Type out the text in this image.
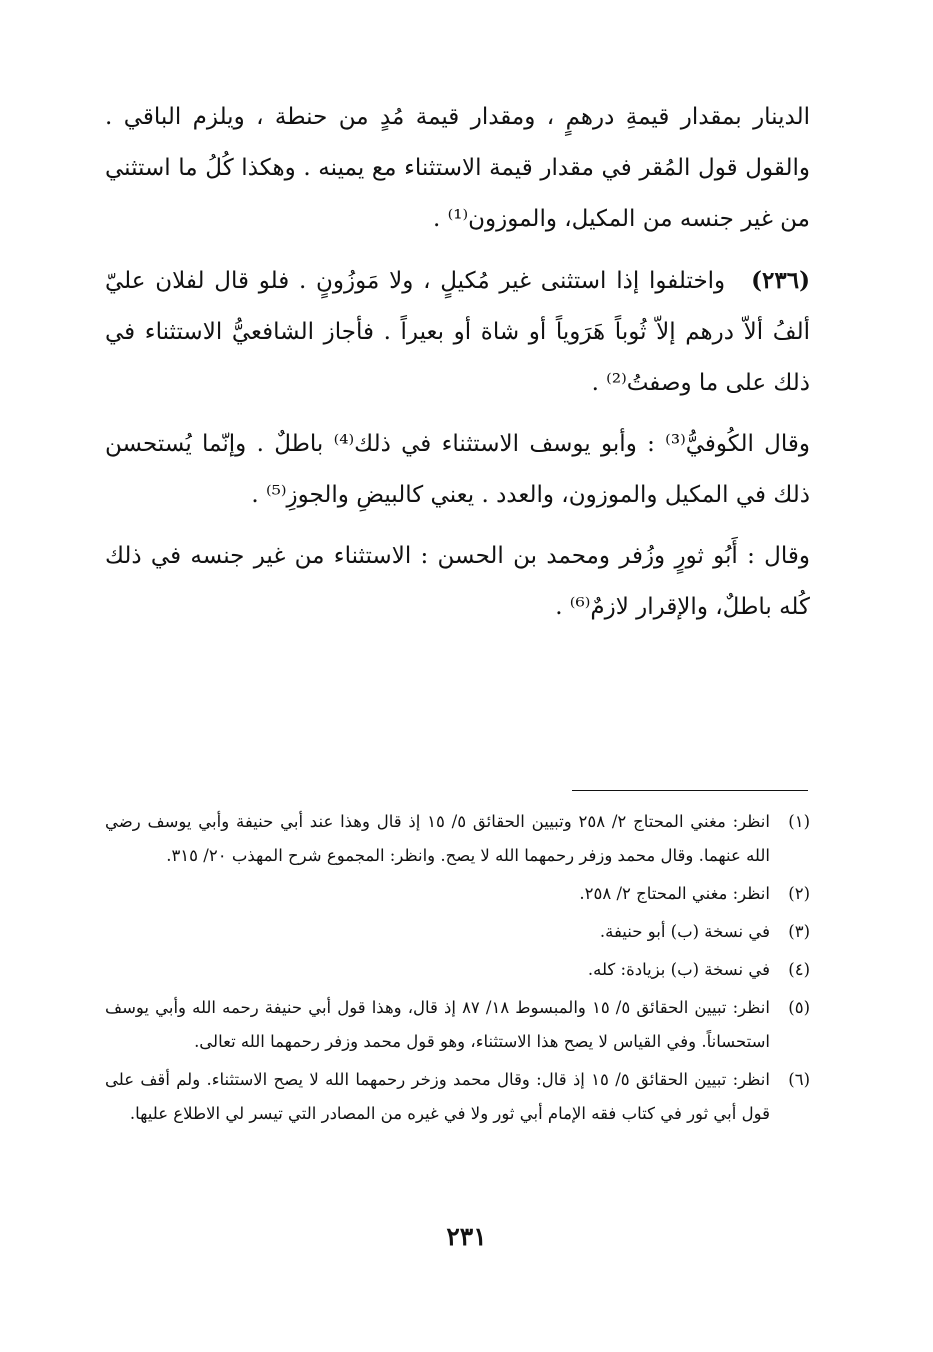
الدينار بمقدار قيمةِ درهمٍ ، ومقدار قيمة مُدٍ من حنطة ، ويلزم الباقي . والقول قول المُقر في مقدار قيمة الاستثناء مع يمينه . وهكذا كُلُ ما استثني من غير جنسه من المكيل، والموزون⁽¹⁾ .

(٢٣٦)واختلفوا إذا استثنى غير مُكيلٍ ، ولا مَوزُونٍ . فلو قال لفلان عليّ ألفُ ألاّ درهم إلاّ ثُوباً هَرَوياً أو شاة أو بعيراً . فأجاز الشافعيُّ الاستثناء في ذلك على ما وصفتُ⁽²⁾ .

وقال الكُوفيُّ⁽³⁾ : وأبو يوسف الاستثناء في ذلك⁽⁴⁾ باطلٌ . وإنّما يُستحسن ذلك في المكيل والموزون، والعدد . يعني كالبيضِ والجوزِ⁽⁵⁾ .

وقال : أَبُو ثورٍ وزُفر ومحمد بن الحسن : الاستثناء من غير جنسه في ذلك كُله باطلٌ، والإقرار لازمٌ⁽⁶⁾ .

(١)
انظر: مغني المحتاج ٢/ ٢٥٨ وتبيين الحقائق ٥/ ١٥ إذ قال وهذا عند أبي حنيفة وأبي يوسف رضي الله عنهما. وقال محمد وزفر رحمهما الله لا يصح. وانظر: المجموع شرح المهذب ٢٠/ ٣١٥.
(٢)
انظر: مغني المحتاج ٢/ ٢٥٨.
(٣)
في نسخة (ب) أبو حنيفة.
(٤)
في نسخة (ب) بزيادة: كله.
(٥)
انظر: تبيين الحقائق ٥/ ١٥ والمبسوط ١٨/ ٨٧ إذ قال، وهذا قول أبي حنيفة رحمه الله وأبي يوسف استحساناً. وفي القياس لا يصح هذا الاستثناء، وهو قول محمد وزفر رحمهما الله تعالى.
(٦)
انظر: تبيين الحقائق ٥/ ١٥ إذ قال: وقال محمد وزخر رحمهما الله لا يصح الاستثناء. ولم أقف على قول أبي ثور في كتاب فقه الإمام أبي ثور ولا في غيره من المصادر التي تيسر لي الاطلاع عليها.
٢٣١
